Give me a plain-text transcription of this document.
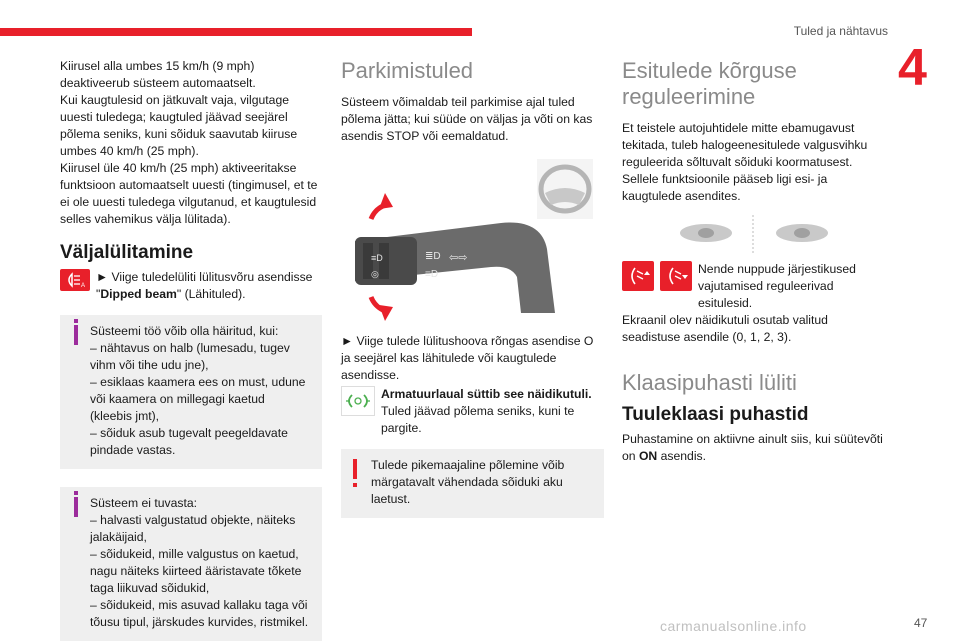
Tuled ja nähtavus
4

Kiirusel alla umbes 15 km/h (9 mph) deaktiveerub süsteem automaatselt.

Kui kaugtulesid on jätkuvalt vaja, vilgutage uuesti tuledega; kaugtuled jäävad seejärel põlema seniks, kuni sõiduk saavutab kiiruse umbes 40 km/h (25 mph).

Kiirusel üle 40 km/h (25 mph) aktiveeritakse funktsioon automaatselt uuesti (tingimusel, et te ei ole uuesti tuledega vilgutanud, et kaugtulesid selles vahemikus välja lülitada).

Väljalülitamine
A

► Viige tuledelüliti lülitusvõru asendisse "Dipped beam" (Lähituled).

Süsteemi töö võib olla häiritud, kui:

– nähtavus on halb (lumesadu, tugev vihm või tihe udu jne),

– esiklaas kaamera ees on must, udune või kaamera on millegagi kaetud (kleebis jmt),

– sõiduk asub tugevalt peegeldavate pindade vastas.

Süsteem ei tuvasta:

– halvasti valgustatud objekte, näiteks jalakäijaid,

– sõidukeid, mille valgustus on kaetud, nagu näiteks kiirteed ääristavate tõkete taga liikuvad sõidukid,

– sõidukeid, mis asuvad kallaku taga või tõusu tipul, järskudes kurvides, ristmikel.

Parkimistuled

Süsteem võimaldab teil parkimise ajal tuled põlema jätta; kui süüde on väljas ja võti on kas asendis STOP või eemaldatud.

≡D
◎
≣D ⇦⇨
≡D

► Viige tulede lülitushoova rõngas asendise O ja seejärel kas lähitulede või kaugtulede asendisse.

Armatuurlaual süttib see näidikutuli. Tuled jäävad põlema seniks, kuni te pargite.

Tulede pikemaajaline põlemine võib märgatavalt vähendada sõiduki aku laetust.
Esitulede kõrguse reguleerimine

Et teistele autojuhtidele mitte ebamugavust tekitada, tuleb halogeenesitulede valgusvihku reguleerida sõltuvalt sõiduki koormatusest. Sellele funktsioonile pääseb ligi esi- ja kaugtulede asendites.

Nende nuppude järjestikused vajutamised reguleerivad esitulesid.

Ekraanil olev näidikutuli osutab valitud seadistuse asendile (0, 1, 2, 3).

Klaasipuhasti lüliti
Tuuleklaasi puhastid

Puhastamine on aktiivne ainult siis, kui süütevõti on ON asendis.

carmanualsonline.info	47
